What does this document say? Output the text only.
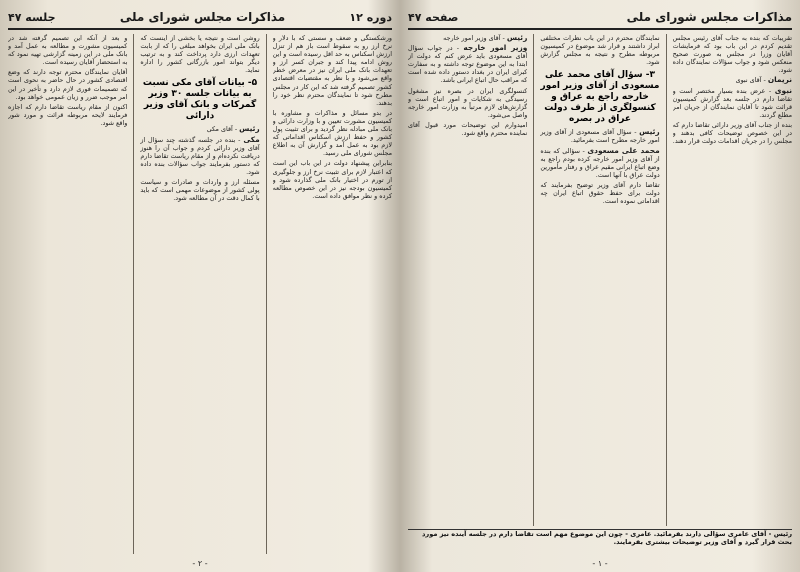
دوره ۱۲
مذاکرات مجلس شورای ملی
جلسه ۴۷
ورشکستگی و ضعف و سستی که با دلار و نرخ ارز رو به سقوط است باز هم از تنزل ارزش اسکناس به حد اقل رسیده است و این روش ادامه پیدا کند و جبران کسر ارز و تعهدات بانک ملی ایران نیز در معرض خطر واقع می‌شود و با نظر به مقتضیات اقتصادی کشور تصمیم گرفته شد که این کار در مجلس مطرح شود تا نمایندگان محترم نظر خود را بدهند.
در بدو مسائل و مذاکرات و مشاوره با کمیسیون مشورت تعیین و با وزارت دارائی و بانک ملی مبادله نظر گردید و برای تثبیت پول کشور و حفظ ارزش اسکناس اقداماتی که لازم بود به عمل آمد و گزارش آن به اطلاع مجلس شورای ملی رسید.
بنابراین پیشنهاد دولت در این باب این است که اعتبار لازم برای تثبیت نرخ ارز و جلوگیری از تورم در اختیار بانک ملی گذارده شود و کمیسیون بودجه نیز در این خصوص مطالعه کرده و نظر موافق داده است.
روشن است و نتیجه یا بخشی از اینست که بانک ملی ایران بخواهد مبلغی را که از بابت تعهدات ارزی دارد پرداخت کند و به ترتیب دیگر بتواند امور بازرگانی کشور را اداره نماید.
۵- بیانات آقای مکی نسبت به بیانات جلسه ۳۰ وزیر گمرکات و بانک آقای وزیر دارائی
رئیس - آقای مکی
مکی - بنده در جلسه گذشته چند سؤال از آقای وزیر دارائی کردم و جواب آن را هنوز دریافت نکرده‌ام و از مقام ریاست تقاضا دارم که دستور بفرمایند جواب سؤالات بنده داده شود.
مسئله ارز و واردات و صادرات و سیاست پولی کشور از موضوعات مهمی است که باید با کمال دقت در آن مطالعه شود.
و بعد از آنکه این تصمیم گرفته شد در کمیسیون مشورت و مطالعه به عمل آمد و بانک ملی در این زمینه گزارشی تهیه نمود که به استحضار آقایان رسیده است.
آقایان نمایندگان محترم توجه دارند که وضع اقتصادی کشور در حال حاضر به نحوی است که تصمیمات فوری لازم دارد و تأخیر در این امر موجب ضرر و زیان عمومی خواهد بود.
اکنون از مقام ریاست تقاضا دارم که اجازه فرمایند لایحه مربوطه قرائت و مورد شور واقع شود.
- ۲ -
مذاکرات مجلس شورای ملی
صفحه ۴۷
تقریبات که بنده به جناب آقای رئیس مجلس تقدیم کردم در این باب بود که فرمایشات آقایان وزرا در مجلس به صورت صحیح منعکس شود و جواب سؤالات نمایندگان داده شود.
نریمان - آقای نبوی
نبوی - عرض بنده بسیار مختصر است و تقاضا دارم در جلسه بعد گزارش کمیسیون قرائت شود تا آقایان نمایندگان از جریان امر مطلع گردند.
بنده از جناب آقای وزیر دارائی تقاضا دارم که در این خصوص توضیحات کافی بدهند و مجلس را در جریان اقدامات دولت قرار دهند.
نمایندگان محترم در این باب نظرات مختلفی ابراز داشتند و قرار شد موضوع در کمیسیون مربوطه مطرح و نتیجه به مجلس گزارش شود.
۳- سؤال آقای محمد علی مسعودی از آقای وزیر امور خارجه راجع به عراق و کنسولگری از طرف دولت عراق در بصره
رئیس - سؤال آقای مسعودی از آقای وزیر امور خارجه مطرح است بفرمائید.
محمد علی مسعودی - سؤالی که بنده از آقای وزیر امور خارجه کرده بودم راجع به وضع اتباع ایرانی مقیم عراق و رفتار مأمورین دولت عراق با آنها است.
تقاضا دارم آقای وزیر توضیح بفرمایند که دولت برای حفظ حقوق اتباع ایران چه اقداماتی نموده است.
رئیس - آقای وزیر امور خارجه
وزیر امور خارجه - در جواب سؤال آقای مسعودی باید عرض کنم که دولت از ابتدا به این موضوع توجه داشته و به سفارت کبرای ایران در بغداد دستور داده شده است که مراقب حال اتباع ایرانی باشد.
کنسولگری ایران در بصره نیز مشغول رسیدگی به شکایات و امور اتباع است و گزارش‌های لازم مرتباً به وزارت امور خارجه واصل می‌شود.
امیدوارم این توضیحات مورد قبول آقای نماینده محترم واقع شود.
رئیس - آقای عامری سؤالی دارند بفرمائید. عامری - چون این موضوع مهم است تقاضا دارم در جلسه آینده نیز مورد بحث قرار گیرد و آقای وزیر توضیحات بیشتری بفرمایند.
- ۱ -
